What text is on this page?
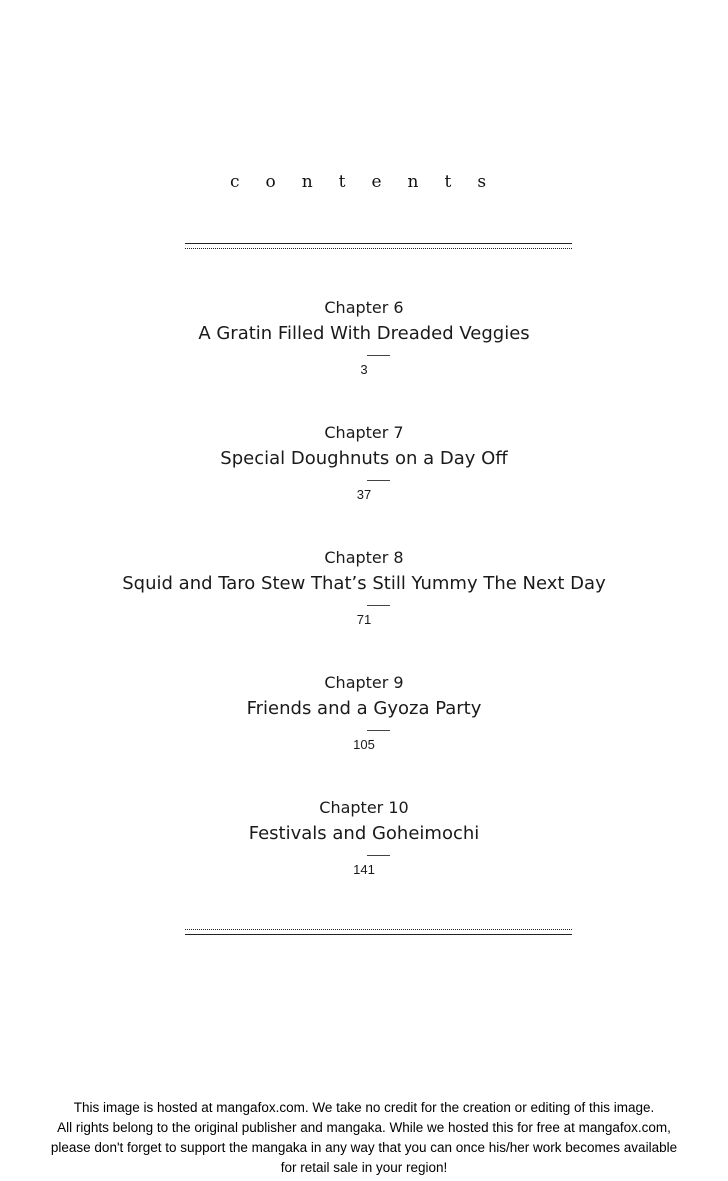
contents
Chapter 6
A Gratin Filled With Dreaded Veggies
3
Chapter 7
Special Doughnuts on a Day Off
37
Chapter 8
Squid and Taro Stew That’s Still Yummy The Next Day
71
Chapter 9
Friends and a Gyoza Party
105
Chapter 10
Festivals and Goheimochi
141
This image is hosted at mangafox.com. We take no credit for the creation or editing of this image.
All rights belong to the original publisher and mangaka. While we hosted this for free at mangafox.com,
please don't forget to support the mangaka in any way that you can once his/her work becomes available
for retail sale in your region!
